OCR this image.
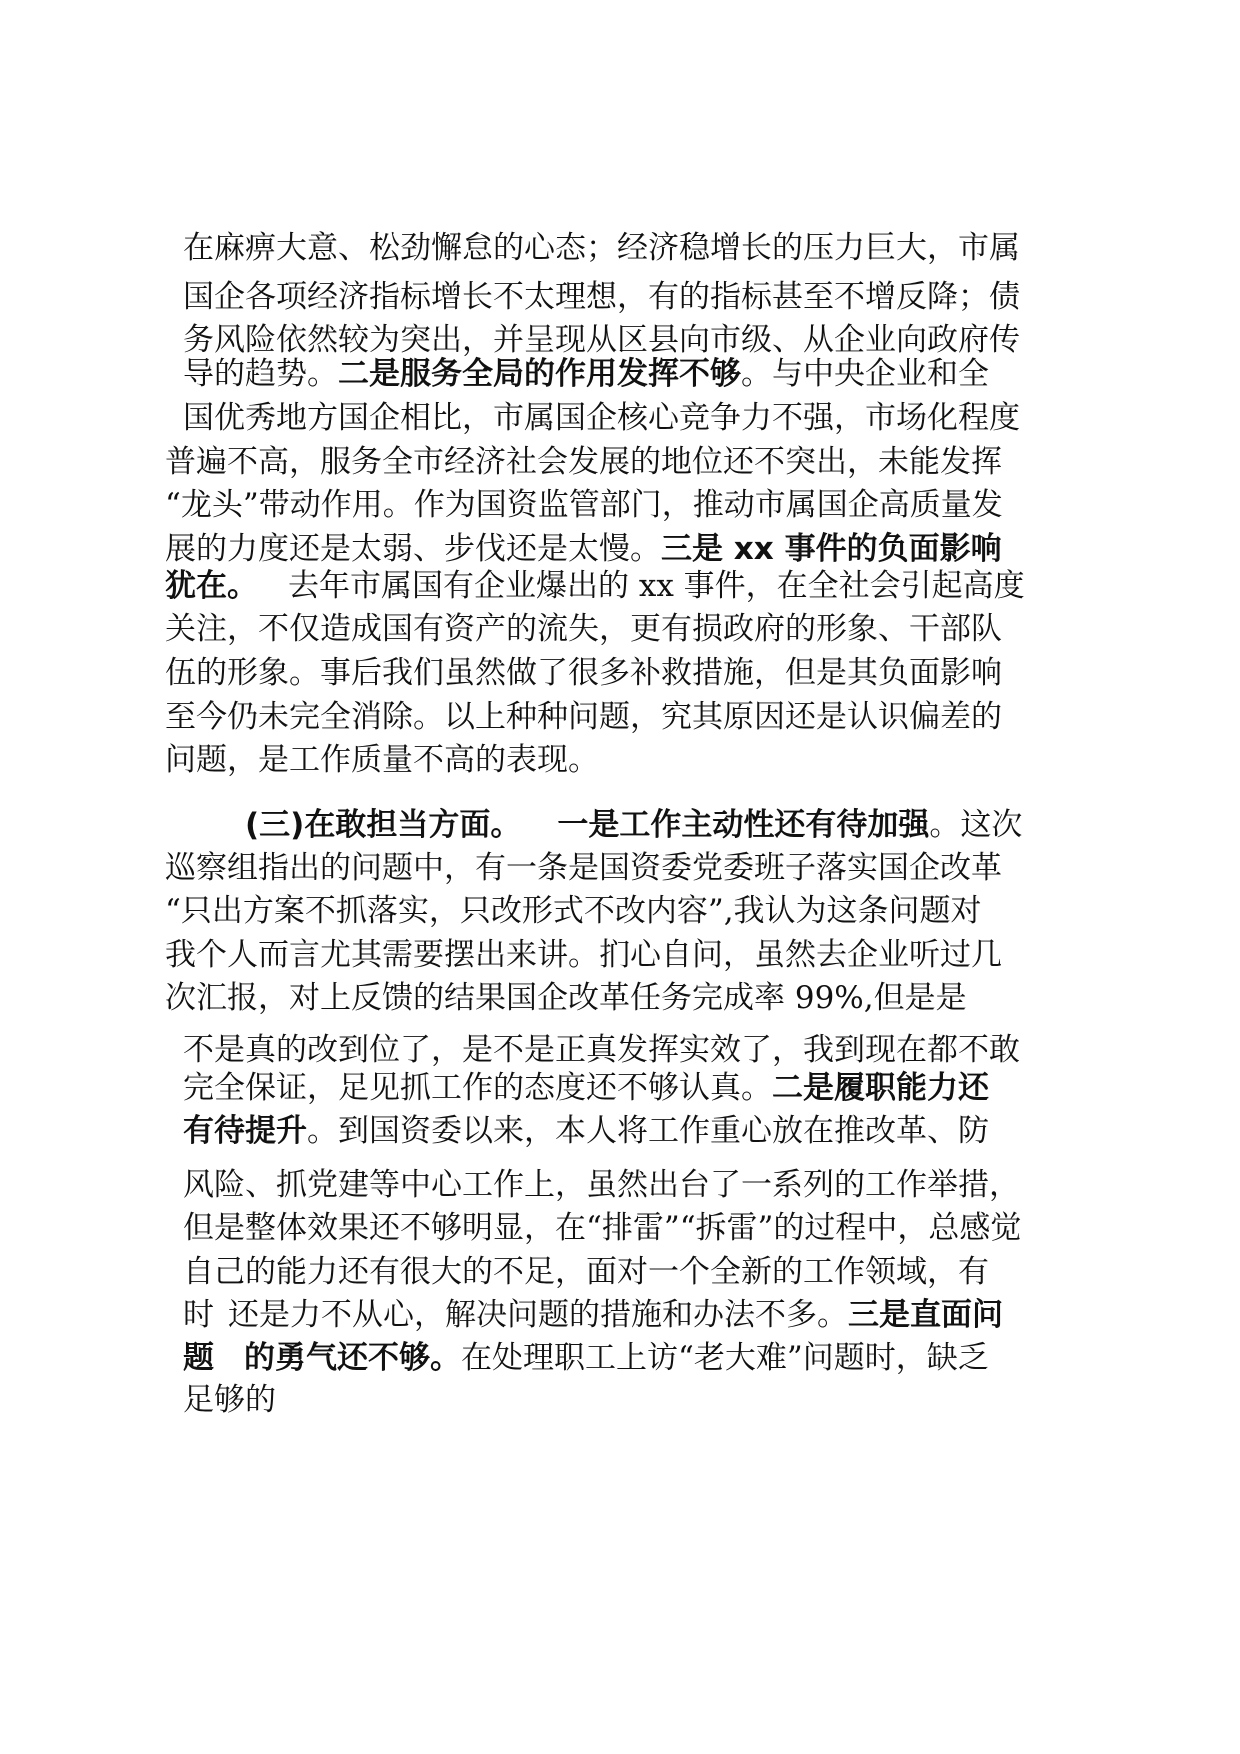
在麻痹大意、松劲懈怠的心态；经济稳增长的压力巨大，市属

国企各项经济指标增长不太理想，有的指标甚至不增反降；债

务风险依然较为突出，并呈现从区县向市级、从企业向政府传

导的趋势。二是服务全局的作用发挥不够。与中央企业和全

国优秀地方国企相比，市属国企核心竞争力不强，市场化程度

普遍不高，服务全市经济社会发展的地位还不突出，未能发挥

“龙头”带动作用。作为国资监管部门，推动市属国企高质量发

展的力度还是太弱、步伐还是太慢。三是 xx 事件的负面影响

犹在。 去年市属国有企业爆出的 xx 事件，在全社会引起高度

关注，不仅造成国有资产的流失，更有损政府的形象、干部队

伍的形象。事后我们虽然做了很多补救措施，但是其负面影响

至今仍未完全消除。以上种种问题，究其原因还是认识偏差的

问题，是工作质量不高的表现。

(三)在敢担当方面。 一是工作主动性还有待加强。这次

巡察组指出的问题中，有一条是国资委党委班子落实国企改革

“只出方案不抓落实，只改形式不改内容”,我认为这条问题对

我个人而言尤其需要摆出来讲。扪心自问，虽然去企业听过几

次汇报，对上反馈的结果国企改革任务完成率 99%,但是是

不是真的改到位了，是不是正真发挥实效了，我到现在都不敢

完全保证，足见抓工作的态度还不够认真。二是履职能力还

有待提升。到国资委以来，本人将工作重心放在推改革、防

风险、抓党建等中心工作上，虽然出台了一系列的工作举措，

但是整体效果还不够明显，在“排雷”“拆雷”的过程中，总感觉

自己的能力还有很大的不足，面对一个全新的工作领域，有

时 还是力不从心，解决问题的措施和办法不多。三是直面问

题 的勇气还不够。在处理职工上访“老大难”问题时，缺乏

足够的
